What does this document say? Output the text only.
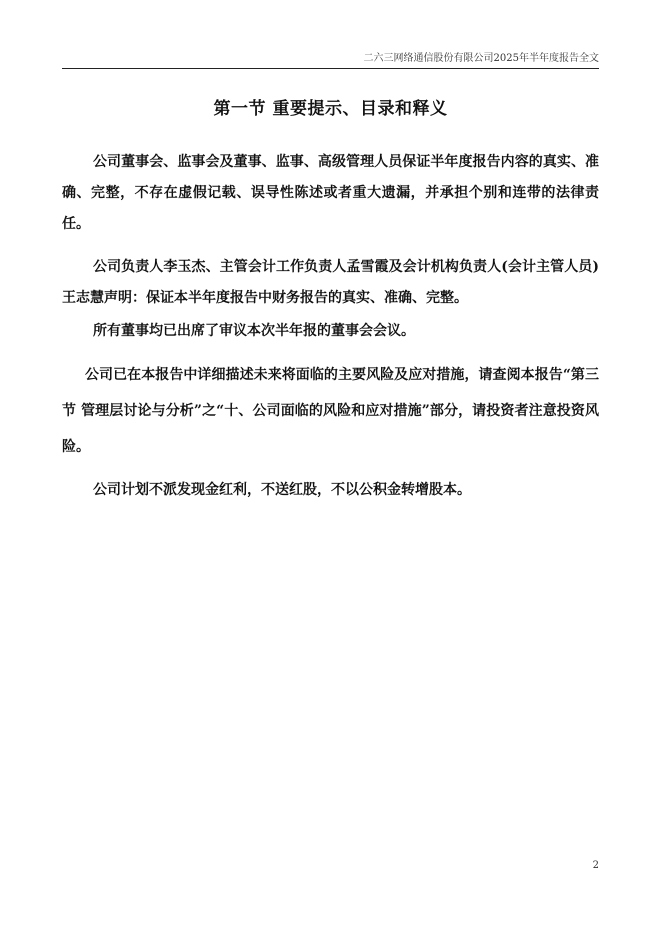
二六三网络通信股份有限公司2025年半年度报告全文
第一节 重要提示、目录和释义

公司董事会、监事会及董事、监事、高级管理人员保证半年度报告内容的真实、准确、完整，不存在虚假记载、误导性陈述或者重大遗漏，并承担个别和连带的法律责任。

公司负责人李玉杰、主管会计工作负责人孟雪霞及会计机构负责人(会计主管人员)王志慧声明：保证本半年度报告中财务报告的真实、准确、完整。

所有董事均已出席了审议本次半年报的董事会会议。

公司已在本报告中详细描述未来将面临的主要风险及应对措施，请查阅本报告“第三节 管理层讨论与分析”之“十、公司面临的风险和应对措施”部分，请投资者注意投资风险。

公司计划不派发现金红利，不送红股，不以公积金转增股本。

2
